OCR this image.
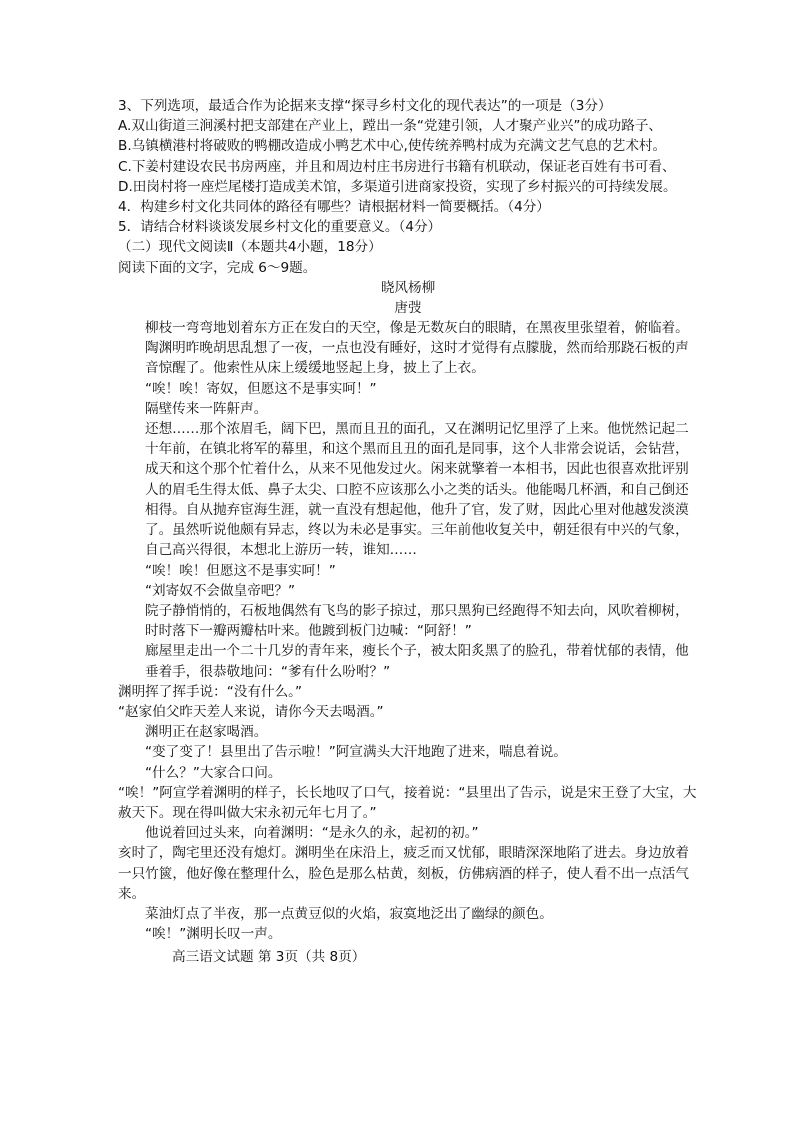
3、下列选项，最适合作为论据来支撑“探寻乡村文化的现代表达”的一项是（3分）
A.双山街道三涧溪村把支部建在产业上，蹚出一条“党建引领，人才聚产业兴”的成功路子、
B.乌镇横港村将破败的鸭棚改造成小鸭艺术中心,使传统养鸭村成为充满文艺气息的艺术村。
C.下姜村建设农民书房两座，并且和周边村庄书房进行书籍有机联动，保证老百姓有书可看、
D.田岗村将一座烂尾楼打造成美术馆，多渠道引进商家投资，实现了乡村振兴的可持续发展。
4．构建乡村文化共同体的路径有哪些？请根据材料一简要概括。（4分）
5．请结合材料谈谈发展乡村文化的重要意义。（4分）
（二）现代文阅读Ⅱ（本题共4小题，18分）
阅读下面的文字，完成 6～9题。
晓风杨柳
唐弢
柳枝一弯弯地划着东方正在发白的天空，像是无数灰白的眼睛，在黑夜里张望着，俯临着。
陶渊明昨晚胡思乱想了一夜，一点也没有睡好，这时才觉得有点朦胧，然而给那跷石板的声音惊醒了。他索性从床上缓缓地竖起上身，披上了上衣。
“唉！唉！寄奴，但愿这不是事实呵！”
隔壁传来一阵鼾声。
还想……那个浓眉毛，阔下巴，黑而且丑的面孔，又在渊明记忆里浮了上来。他恍然记起二十年前，在镇北将军的幕里，和这个黑而且丑的面孔是同事，这个人非常会说话，会钻营，成天和这个那个忙着什么，从来不见他发过火。闲来就擎着一本相书，因此也很喜欢批评别人的眉毛生得太低、鼻子太尖、口腔不应该那么小之类的话头。他能喝几杯酒，和自己倒还相得。自从抛弃宦海生涯，就一直没有想起他，他升了官，发了财，因此心里对他越发淡漠了。虽然听说他颇有异志，终以为未必是事实。三年前他收复关中，朝廷很有中兴的气象，自己高兴得很，本想北上游历一转，谁知……
“唉！唉！但愿这不是事实呵！”
“刘寄奴不会做皇帝吧？”
院子静悄悄的，石板地偶然有飞鸟的影子掠过，那只黑狗已经跑得不知去向，风吹着柳树，时时落下一瓣两瓣枯叶来。他踱到板门边喊：“阿舒！”
廊屋里走出一个二十几岁的青年来，瘦长个子，被太阳炙黑了的脸孔，带着忧郁的表情，他垂着手，很恭敬地问：“爹有什么吩咐？”
渊明挥了挥手说：“没有什么。”
“赵家伯父昨天差人来说，请你今天去喝酒。”
渊明正在赵家喝酒。
“变了变了！县里出了告示啦！”阿宣满头大汗地跑了进来，喘息着说。
“什么？”大家合口问。
“唉！”阿宣学着渊明的样子，长长地叹了口气，接着说：“县里出了告示，说是宋王登了大宝，大赦天下。现在得叫做大宋永初元年七月了。”
他说着回过头来，向着渊明：“是永久的永，起初的初。”
亥时了，陶宅里还没有熄灯。渊明坐在床沿上，疲乏而又忧郁，眼睛深深地陷了进去。身边放着一只竹篋，他好像在整理什么，脸色是那么枯黄，刻板，仿佛病酒的样子，使人看不出一点活气来。
菜油灯点了半夜，那一点黄豆似的火焰，寂寞地泛出了幽绿的颜色。
“唉！”渊明长叹一声。
高三语文试题 第 3页（共 8页）
